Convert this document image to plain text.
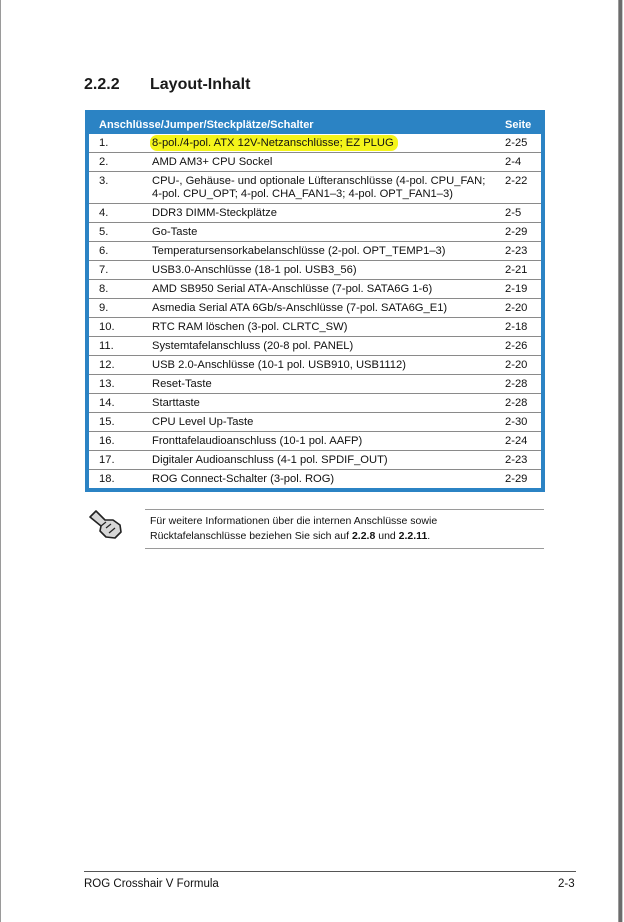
2.2.2 Layout-Inhalt
Anschlüsse/Jumper/Steckplätze/Schalter		Seite
1.	8-pol./4-pol. ATX 12V-Netzanschlüsse; EZ PLUG	2-25
2.	AMD AM3+ CPU Sockel	2-4
3.	CPU-, Gehäuse- und optionale Lüfteranschlüsse (4-pol. CPU_FAN;
4-pol. CPU_OPT; 4-pol. CHA_FAN1–3; 4-pol. OPT_FAN1–3)	2-22
4.	DDR3 DIMM-Steckplätze	2-5
5.	Go-Taste	2-29
6.	Temperatursensorkabelanschlüsse (2-pol. OPT_TEMP1–3)	2-23
7.	USB3.0-Anschlüsse (18-1 pol. USB3_56)	2-21
8.	AMD SB950 Serial ATA-Anschlüsse (7-pol. SATA6G 1-6)	2-19
9.	Asmedia Serial ATA 6Gb/s-Anschlüsse (7-pol. SATA6G_E1)	2-20
10.	RTC RAM löschen (3-pol. CLRTC_SW)	2-18
11.	Systemtafelanschluss (20-8 pol. PANEL)	2-26
12.	USB 2.0-Anschlüsse (10-1 pol. USB910, USB1112)	2-20
13.	Reset-Taste	2-28
14.	Starttaste	2-28
15.	CPU Level Up-Taste	2-30
16.	Fronttafelaudioanschluss (10-1 pol. AAFP)	2-24
17.	Digitaler Audioanschluss (4-1 pol. SPDIF_OUT)	2-23
18.	ROG Connect-Schalter (3-pol. ROG)	2-29
Für weitere Informationen über die internen Anschlüsse sowie
Rücktafelanschlüsse beziehen Sie sich auf 2.2.8 und 2.2.11.
ROG Crosshair V Formula	2-3
